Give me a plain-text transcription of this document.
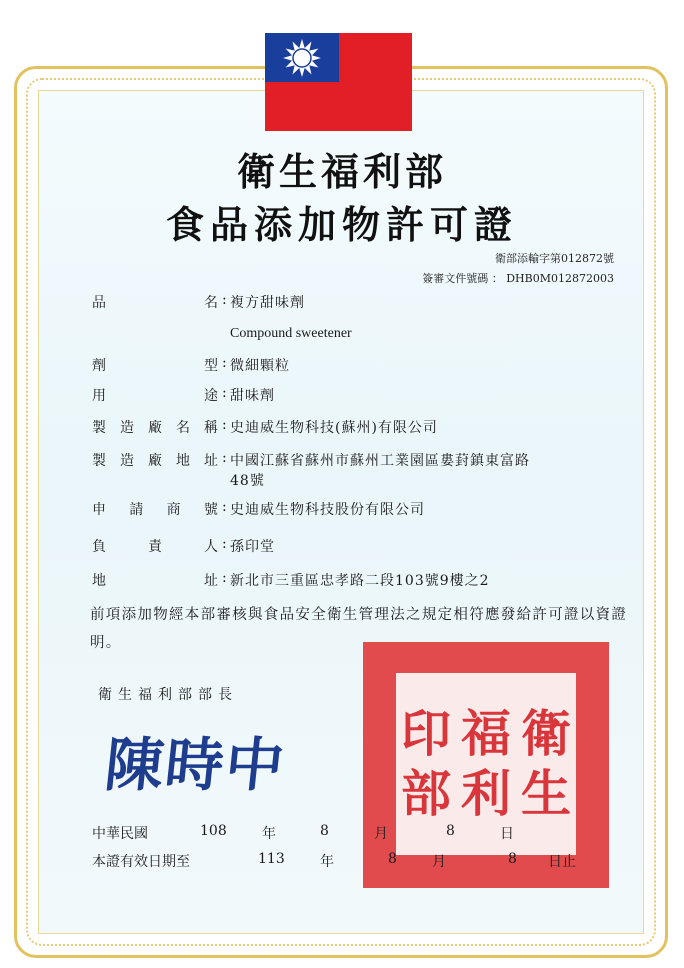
衛生福利部
食品添加物許可證
衛部添輸字第012872號
簽審文件號碼 ： DHB0M012872003
品名 : 複方甜味劑
Compound sweetener
劑型 : 微細顆粒
用途 : 甜味劑
製造廠名稱 : 史迪威生物科技(蘇州)有限公司
製造廠地址 : 中國江蘇省蘇州市蘇州工業園區婁葑鎮東富路
48號
申請商號 : 史迪威生物科技股份有限公司
負責人 : 孫印堂
地址 : 新北市三重區忠孝路二段103號9樓之2
前項添加物經本部審核與食品安全衛生管理法之規定相符應發給許可證以資證明。
衛生福利部部長
陳時中 印
部
福
利
衛
生
中華民國	108	年	8	月	8	日
本證有效日期至	113	年	8	月	8 日止
